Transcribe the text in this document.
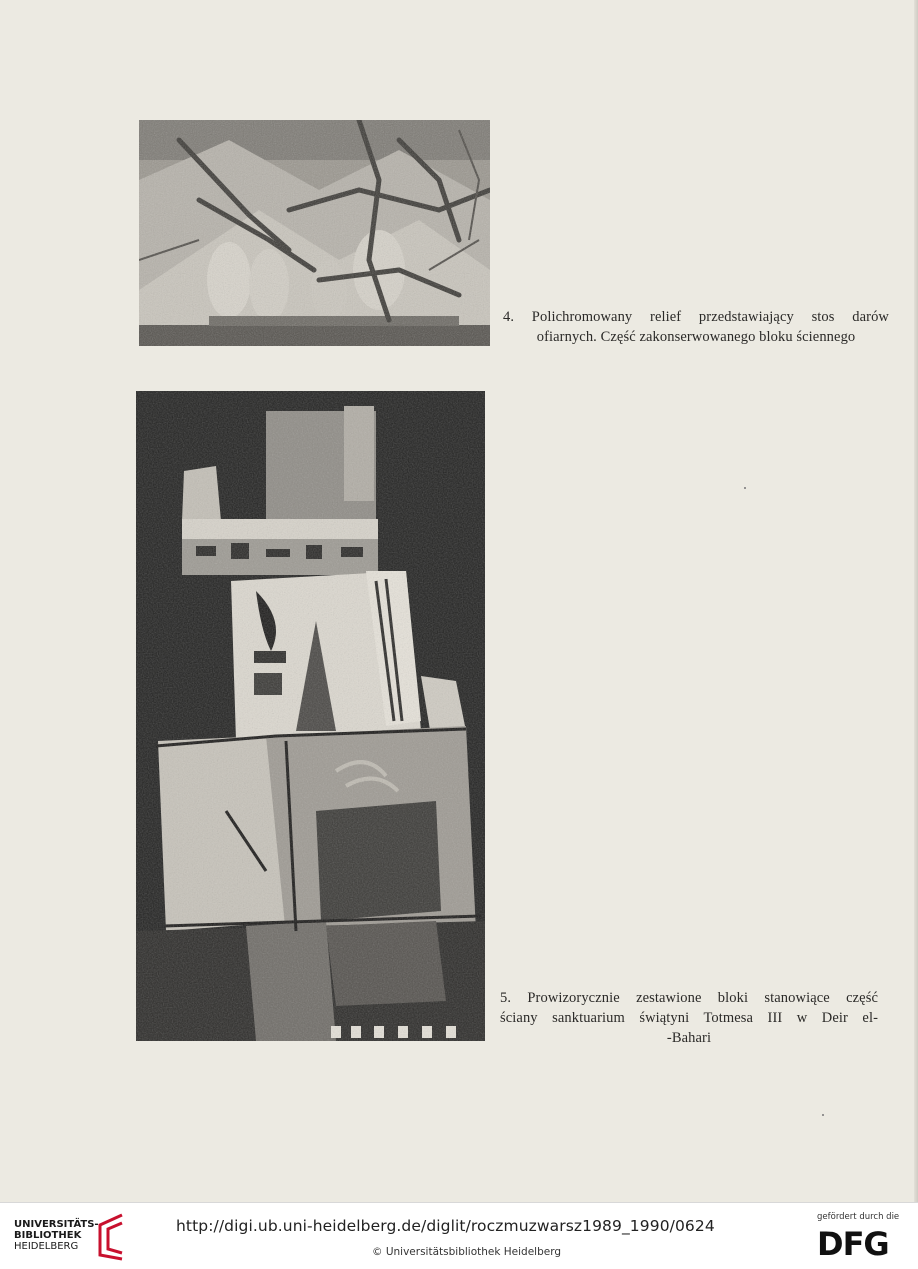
4. Polichromowany relief przedstawiający stos darów
ofiarnych. Część zakonserwowanego bloku ściennego
5. Prowizorycznie zestawione bloki stanowiące część
ściany sanktuarium świątyni Totmesa III w Deir el-
-Bahari
UNIVERSITÄTS-
BIBLIOTHEK
HEIDELBERG
http://digi.ub.uni-heidelberg.de/diglit/roczmuzwarsz1989_1990/0624
© Universitätsbibliothek Heidelberg
gefördert durch die
DFG
